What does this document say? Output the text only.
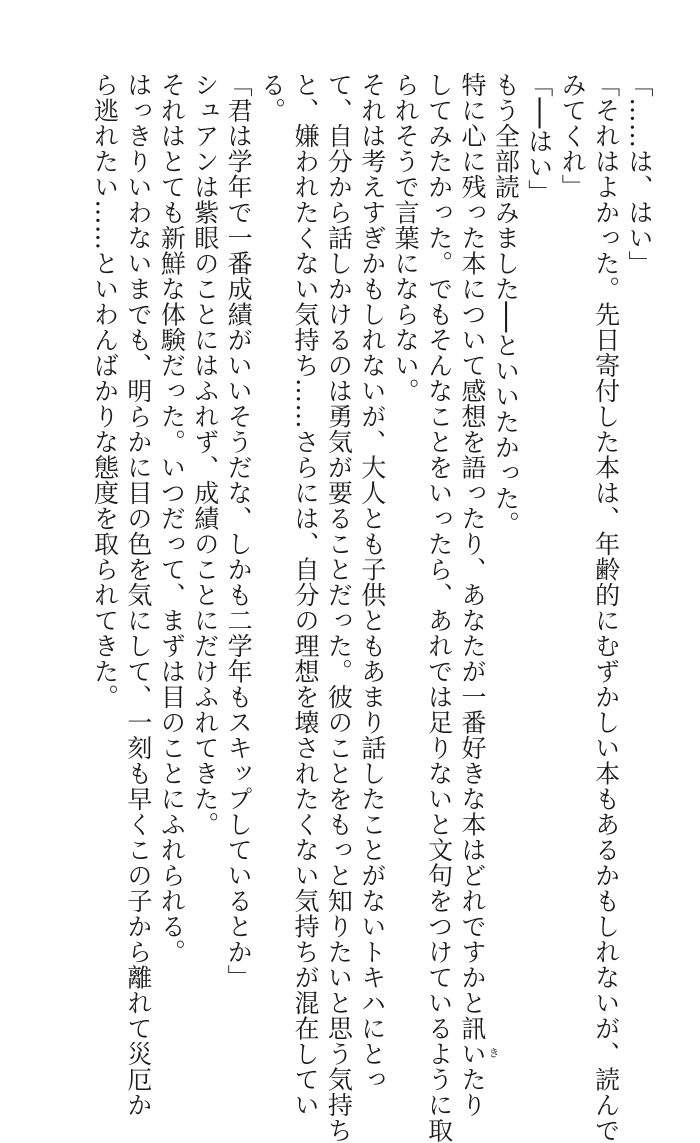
「……は、はい」
「それはよかった。先日寄付した本は、年齢的にむずかしい本もあるかもしれないが、読んで
みてくれ」
「──はい」
もう全部読みました──といいたかった。
特に心に残った本について感想を語ったり、あなたが一番好きな本はどれですかと訊
き
いたり
してみたかった。でもそんなことをいったら、あれでは足りないと文句をつけているように取
られそうで言葉にならない。
それは考えすぎかもしれないが、大人とも子供ともあまり話したことがないトキハにとっ
て、自分から話しかけるのは勇気が要ることだった。彼のことをもっと知りたいと思う気持ち
と、嫌われたくない気持ち……さらには、自分の理想を壊されたくない気持ちが混在してい
る。
「君は学年で一番成績がいいそうだな、しかも二学年もスキップしているとか」
シュアンは紫眼のことにはふれず、成績のことにだけふれてきた。
それはとても新鮮な体験だった。いつだって、まずは目のことにふれられる。
はっきりいわないまでも、明らかに目の色を気にして、一刻も早くこの子から離れて災厄か
ら逃れたい……といわんばかりな態度を取られてきた。
